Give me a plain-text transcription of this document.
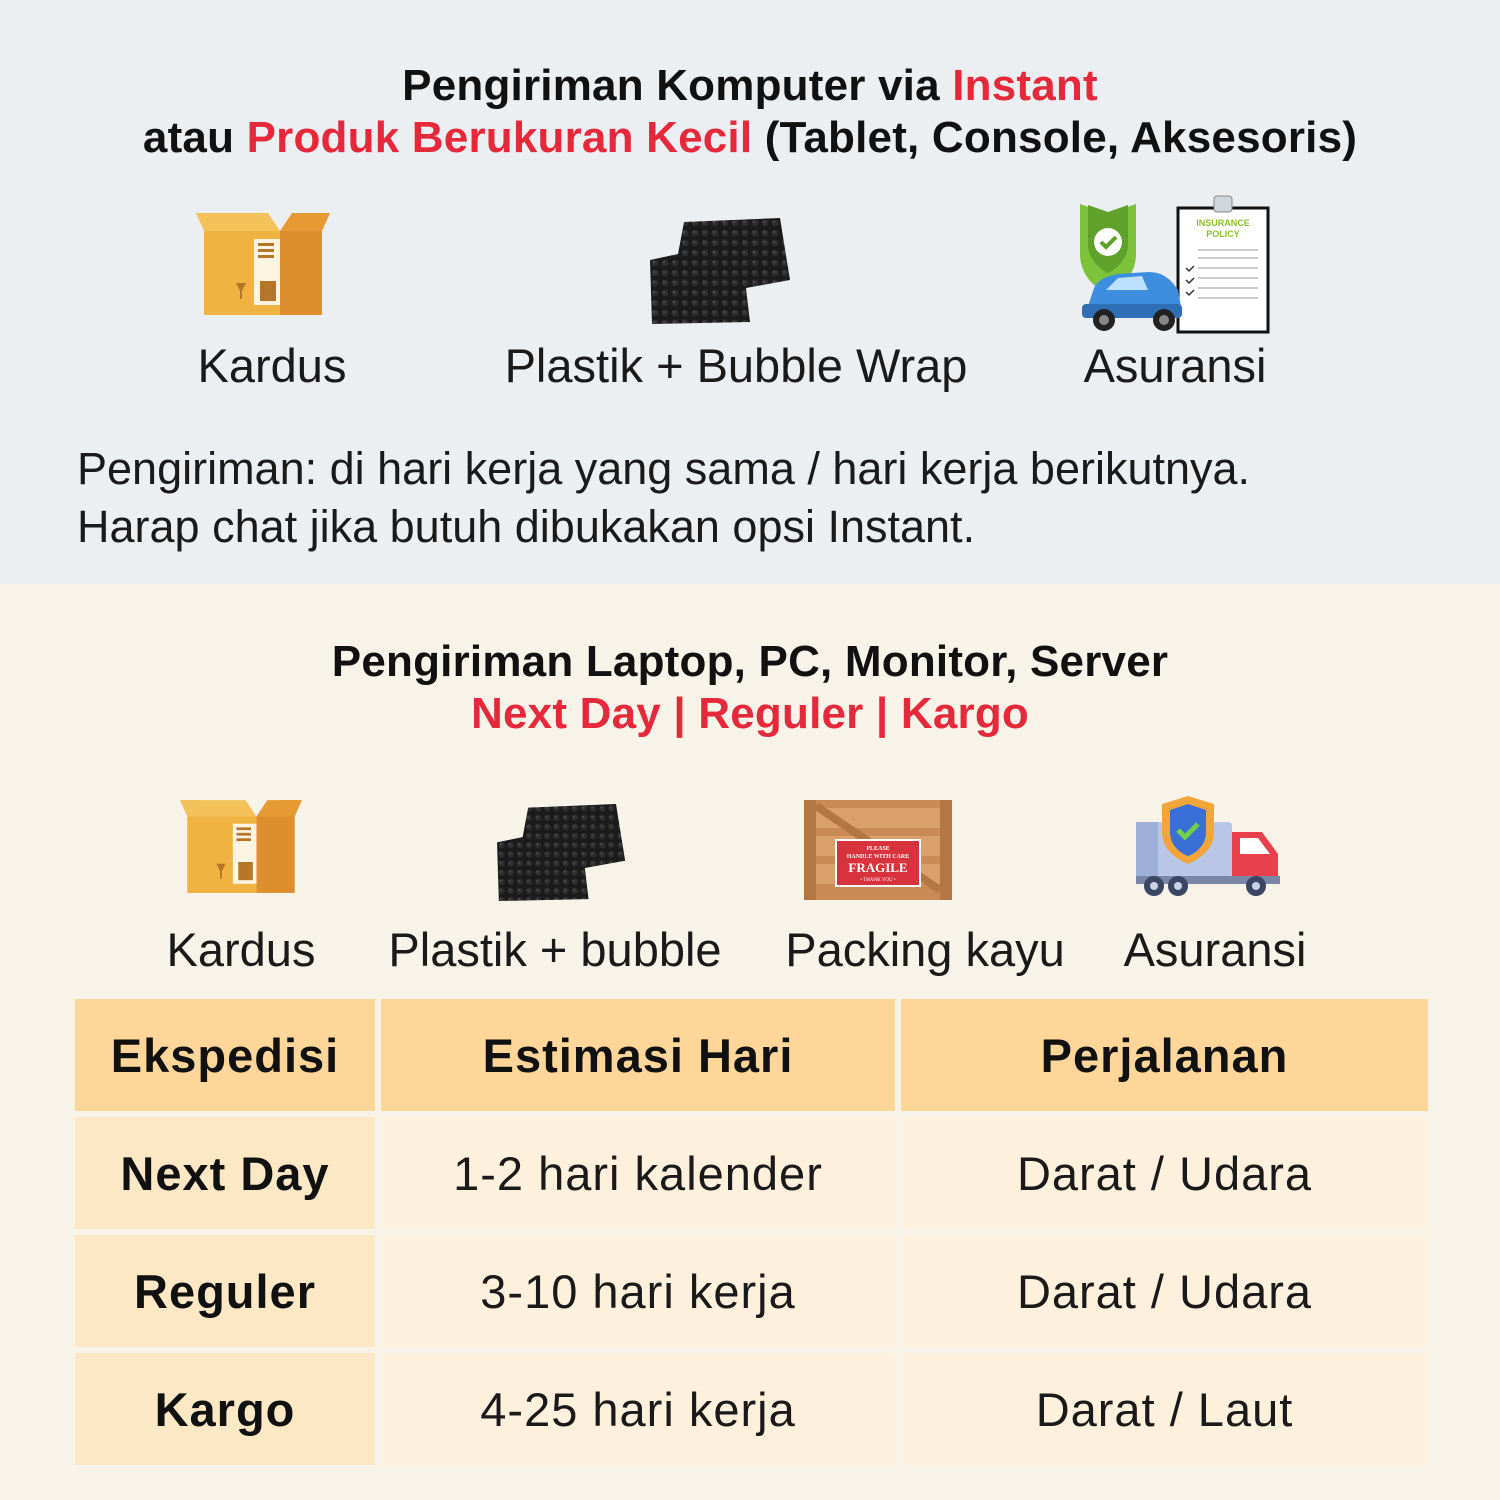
Pengiriman Komputer via Instant
atau Produk Berukuran Kecil (Tablet, Console, Aksesoris)
Kardus	Plastik + Bubble Wrap
INSURANCE
POLICY
Asuransi
Pengiriman: di hari kerja yang sama / hari kerja berikutnya.
Harap chat jika butuh dibukakan opsi Instant.
Pengiriman Laptop, PC, Monitor, Server
Next Day | Reguler | Kargo
Kardus	Plastik + bubble
PLEASE
HANDLE WITH CARE
FRAGILE
• THANK YOU •
Packing kayu	Asuransi
Ekspedisi	Estimasi Hari	Perjalanan
Next Day	1-2 hari kalender	Darat / Udara
Reguler	3-10 hari kerja	Darat / Udara
Kargo	4-25 hari kerja	Darat / Laut
